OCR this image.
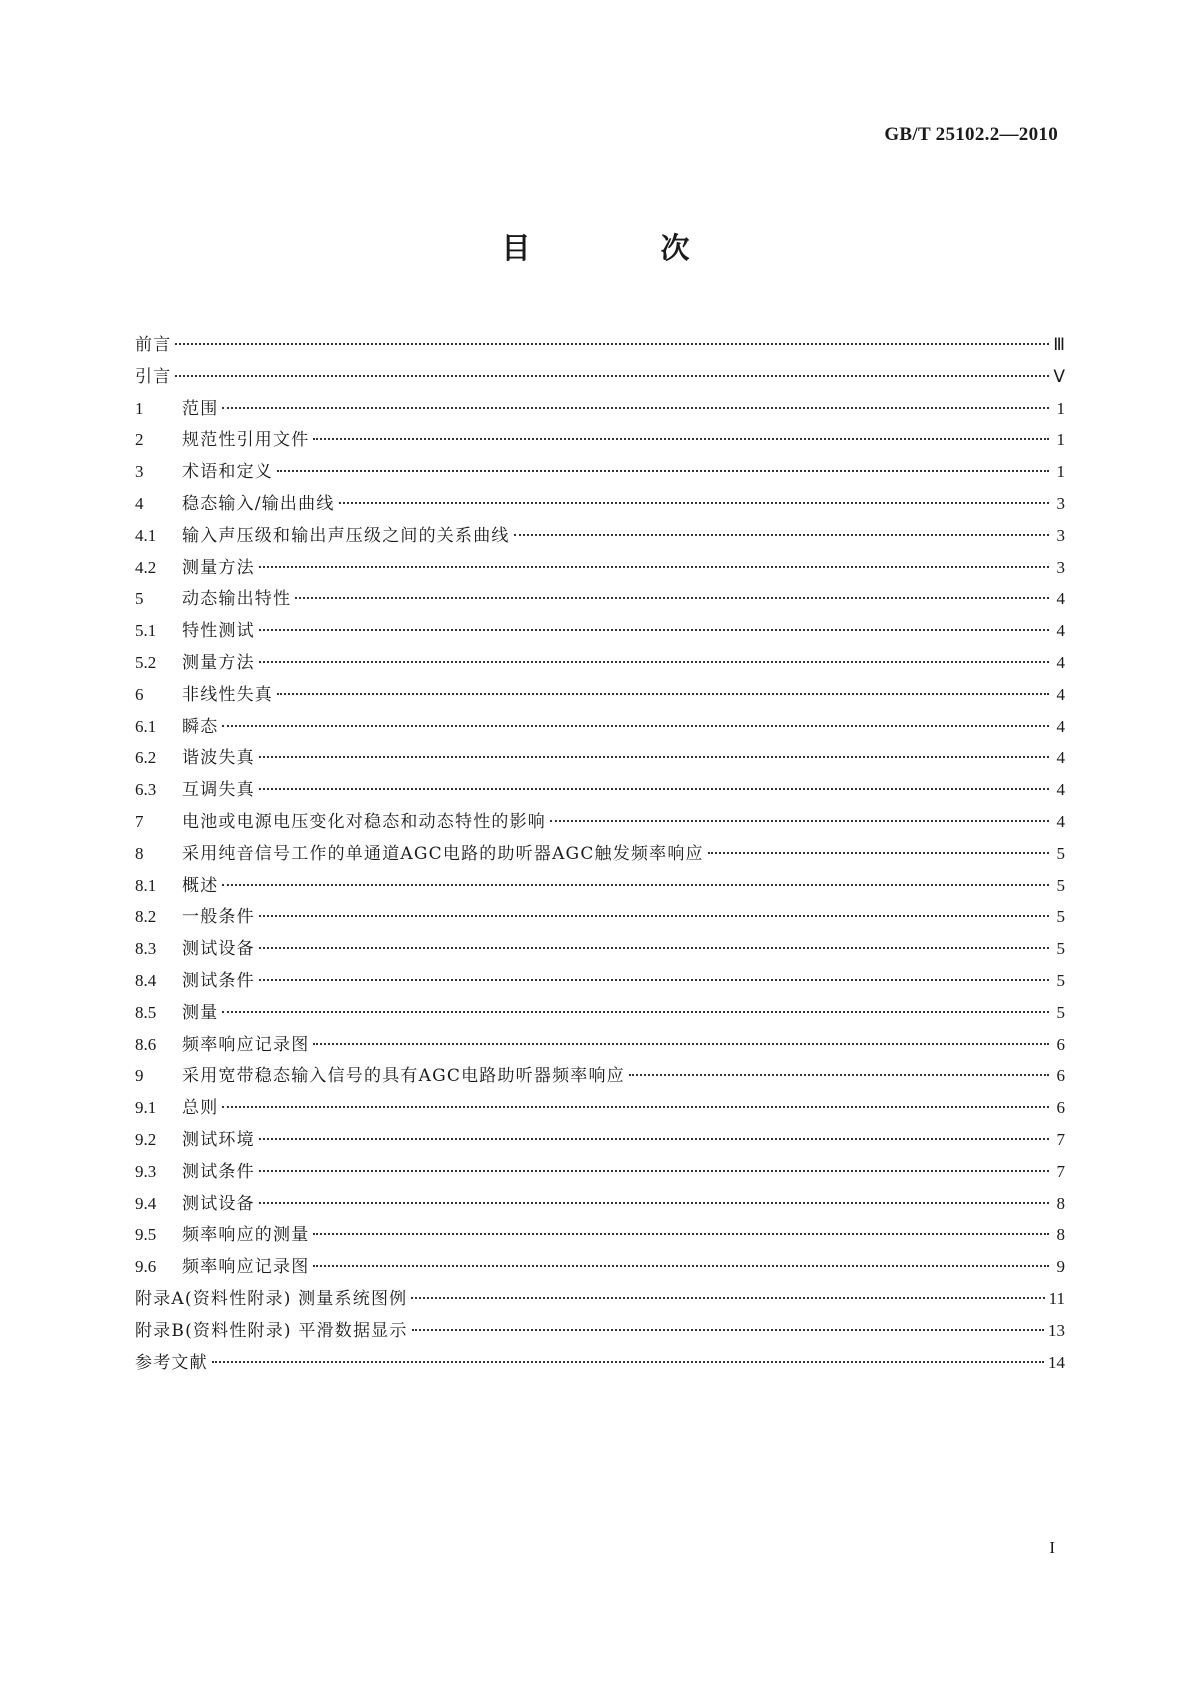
GB/T 25102.2—2010
目 次
前言	Ⅲ
引言	Ⅴ
1	范围	1
2	规范性引用文件	1
3	术语和定义	1
4	稳态输入/输出曲线	3
4.1	输入声压级和输出声压级之间的关系曲线	3
4.2	测量方法	3
5	动态输出特性	4
5.1	特性测试	4
5.2	测量方法	4
6	非线性失真	4
6.1	瞬态	4
6.2	谐波失真	4
6.3	互调失真	4
7	电池或电源电压变化对稳态和动态特性的影响	4
8	采用纯音信号工作的单通道AGC电路的助听器AGC触发频率响应	5
8.1	概述	5
8.2	一般条件	5
8.3	测试设备	5
8.4	测试条件	5
8.5	测量	5
8.6	频率响应记录图	6
9	采用宽带稳态输入信号的具有AGC电路助听器频率响应	6
9.1	总则	6
9.2	测试环境	7
9.3	测试条件	7
9.4	测试设备	8
9.5	频率响应的测量	8
9.6	频率响应记录图	9
附录A(资料性附录) 测量系统图例	11
附录B(资料性附录) 平滑数据显示	13
参考文献	14
I
